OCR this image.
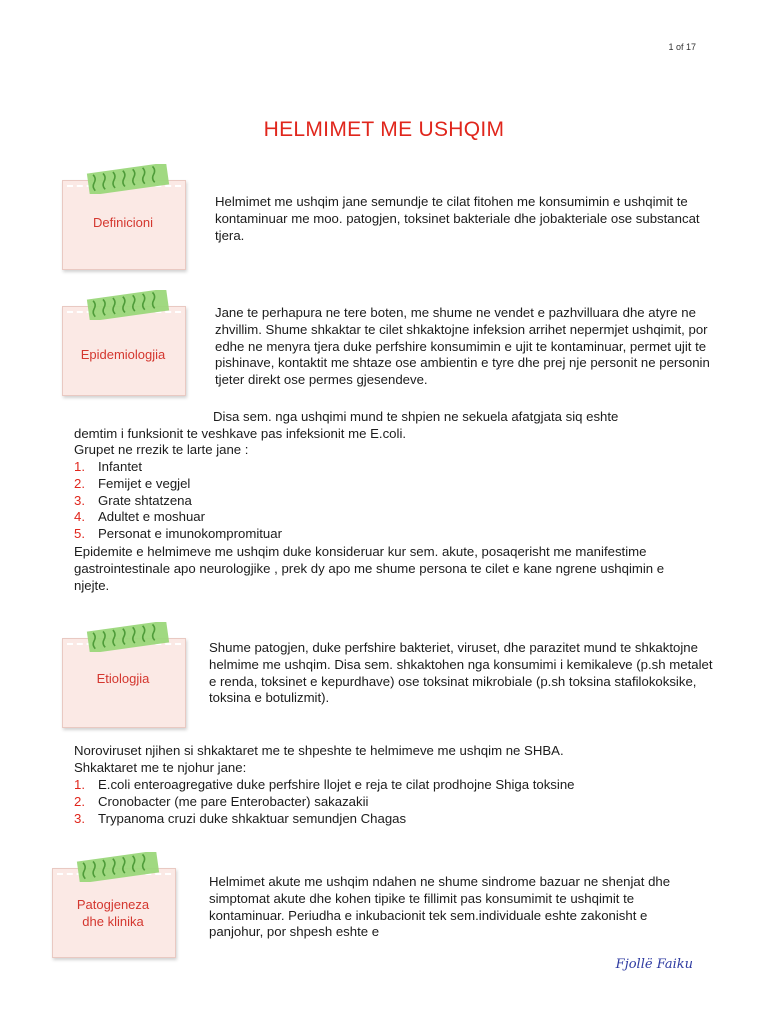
1 of 17
HELMIMET ME USHQIM
Definicioni
Helmimet me ushqim jane semundje te cilat fitohen me konsumimin e ushqimit te kontaminuar me moo. patogjen, toksinet bakteriale dhe jobakteriale ose substancat tjera.
Epidemiologjia
Jane te perhapura ne tere boten, me shume ne vendet e pazhvilluara dhe atyre ne zhvillim. Shume shkaktar te cilet shkaktojne infeksion arrihet nepermjet ushqimit, por edhe ne menyra tjera duke perfshire konsumimin e ujit te kontaminuar, permet ujit te pishinave, kontaktit me shtaze ose ambientin e tyre dhe prej nje personit ne personin tjeter direkt ose permes gjesendeve.
Disa sem. nga ushqimi mund te shpien ne sekuela afatgjata siq eshte
demtim i funksionit te veshkave pas infeksionit me E.coli.
Grupet ne rrezik te larte jane :
1. Infantet
2. Femijet e vegjel
3. Grate shtatzena
4. Adultet e moshuar
5. Personat e imunokompromituar
Epidemite e helmimeve me ushqim duke konsideruar kur sem. akute, posaqerisht me manifestime gastrointestinale apo neurologjike , prek dy apo me shume persona te cilet e kane ngrene ushqimin e njejte.
Etiologjia
Shume patogjen, duke perfshire bakteriet, viruset, dhe parazitet mund te shkaktojne helmime me ushqim. Disa sem. shkaktohen nga konsumimi i kemikaleve (p.sh metalet e renda, toksinet e kepurdhave) ose toksinat mikrobiale (p.sh toksina stafilokoksike, toksina e botulizmit).
Noroviruset njihen si shkaktaret me te shpeshte te helmimeve me ushqim ne SHBA.
Shkaktaret me te njohur jane:
1. E.coli enteroagregative duke perfshire llojet e reja te cilat prodhojne Shiga toksine
2. Cronobacter (me pare Enterobacter) sakazakii
3. Trypanoma cruzi duke shkaktuar semundjen Chagas
Patogjeneza
dhe klinika
Helmimet akute me ushqim ndahen ne shume sindrome bazuar ne shenjat dhe simptomat akute dhe kohen tipike te fillimit pas konsumimit te ushqimit te kontaminuar. Periudha e inkubacionit tek sem.individuale eshte zakonisht e panjohur, por shpesh eshte e
Fjollë Faiku
